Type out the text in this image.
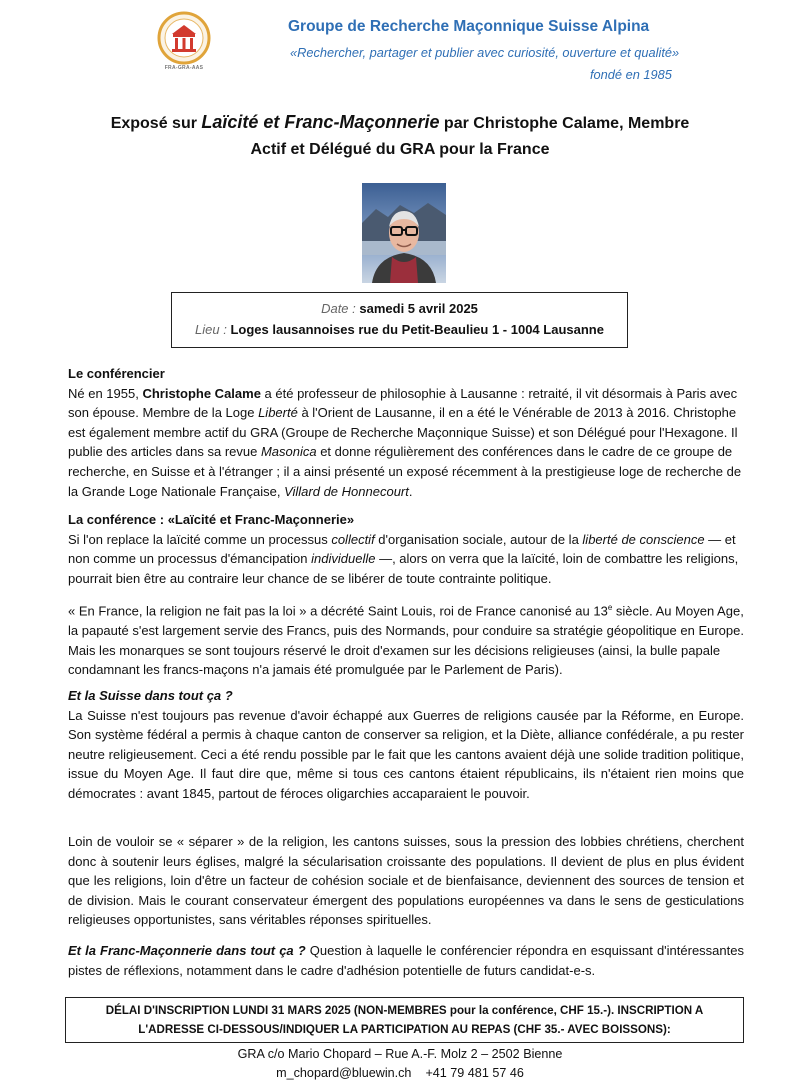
FRA-GRA-AAS
Groupe de Recherche Maçonnique Suisse Alpina
«Rechercher, partager et publier avec curiosité, ouverture et qualité»
fondé en 1985
Exposé sur Laïcité et Franc-Maçonnerie par Christophe Calame, Membre
Actif et Délégué du GRA pour la France
Date : samedi 5 avril 2025
Lieu : Loges lausannoises rue du Petit-Beaulieu 1 - 1004 Lausanne

Le conférencier

Né en 1955, Christophe Calame a été professeur de philosophie à Lausanne : retraité, il vit désormais à Paris avec son épouse. Membre de la Loge Liberté à l'Orient de Lausanne, il en a été le Vénérable de 2013 à 2016. Christophe est également membre actif du GRA (Groupe de Recherche Maçonnique Suisse) et son Délégué pour l'Hexagone. Il publie des articles dans sa revue Masonica et donne régulièrement des conférences dans le cadre de ce groupe de recherche, en Suisse et à l'étranger ; il a ainsi présenté un exposé récemment à la prestigieuse loge de recherche de la Grande Loge Nationale Française, Villard de Honnecourt.

La conférence : «Laïcité et Franc-Maçonnerie»

Si l'on replace la laïcité comme un processus collectif d'organisation sociale, autour de la liberté de conscience — et non comme un processus d'émancipation individuelle —, alors on verra que la laïcité, loin de combattre les religions, pourrait bien être au contraire leur chance de se libérer de toute contrainte politique.

« En France, la religion ne fait pas la loi » a décrété Saint Louis, roi de France canonisé au 13e siècle. Au Moyen Age, la papauté s'est largement servie des Francs, puis des Normands, pour conduire sa stratégie géopolitique en Europe. Mais les monarques se sont toujours réservé le droit d'examen sur les décisions religieuses (ainsi, la bulle papale condamnant les francs-maçons n'a jamais été promulguée par le Parlement de Paris).

Et la Suisse dans tout ça ?

La Suisse n'est toujours pas revenue d'avoir échappé aux Guerres de religions causée par la Réforme, en Europe. Son système fédéral a permis à chaque canton de conserver sa religion, et la Diète, alliance confédérale, a pu rester neutre religieusement. Ceci a été rendu possible par le fait que les cantons avaient déjà une solide tradition politique, issue du Moyen Age. Il faut dire que, même si tous ces cantons étaient républicains, ils n'étaient rien moins que démocrates : avant 1845, partout de féroces oligarchies accaparaient le pouvoir.

Loin de vouloir se « séparer » de la religion, les cantons suisses, sous la pression des lobbies chrétiens, cherchent donc à soutenir leurs églises, malgré la sécularisation croissante des populations. Il devient de plus en plus évident que les religions, loin d'être un facteur de cohésion sociale et de bienfaisance, deviennent des sources de tension et de division. Mais le courant conservateur émergent des populations européennes va dans le sens de gesticulations religieuses opportunistes, sans véritables réponses spirituelles.

Et la Franc-Maçonnerie dans tout ça ? Question à laquelle le conférencier répondra en esquissant d'intéressantes pistes de réflexions, notamment dans le cadre d'adhésion potentielle de futurs candidat-e-s.

DÉLAI D'INSCRIPTION LUNDI 31 MARS 2025 (NON-MEMBRES pour la conférence, CHF 15.-). INSCRIPTION A
L'ADRESSE CI-DESSOUS/INDIQUER LA PARTICIPATION AU REPAS (CHF 35.- AVEC BOISSONS):
GRA c/o Mario Chopard – Rue A.-F. Molz 2 – 2502 Bienne
m_chopard@bluewin.ch +41 79 481 57 46
